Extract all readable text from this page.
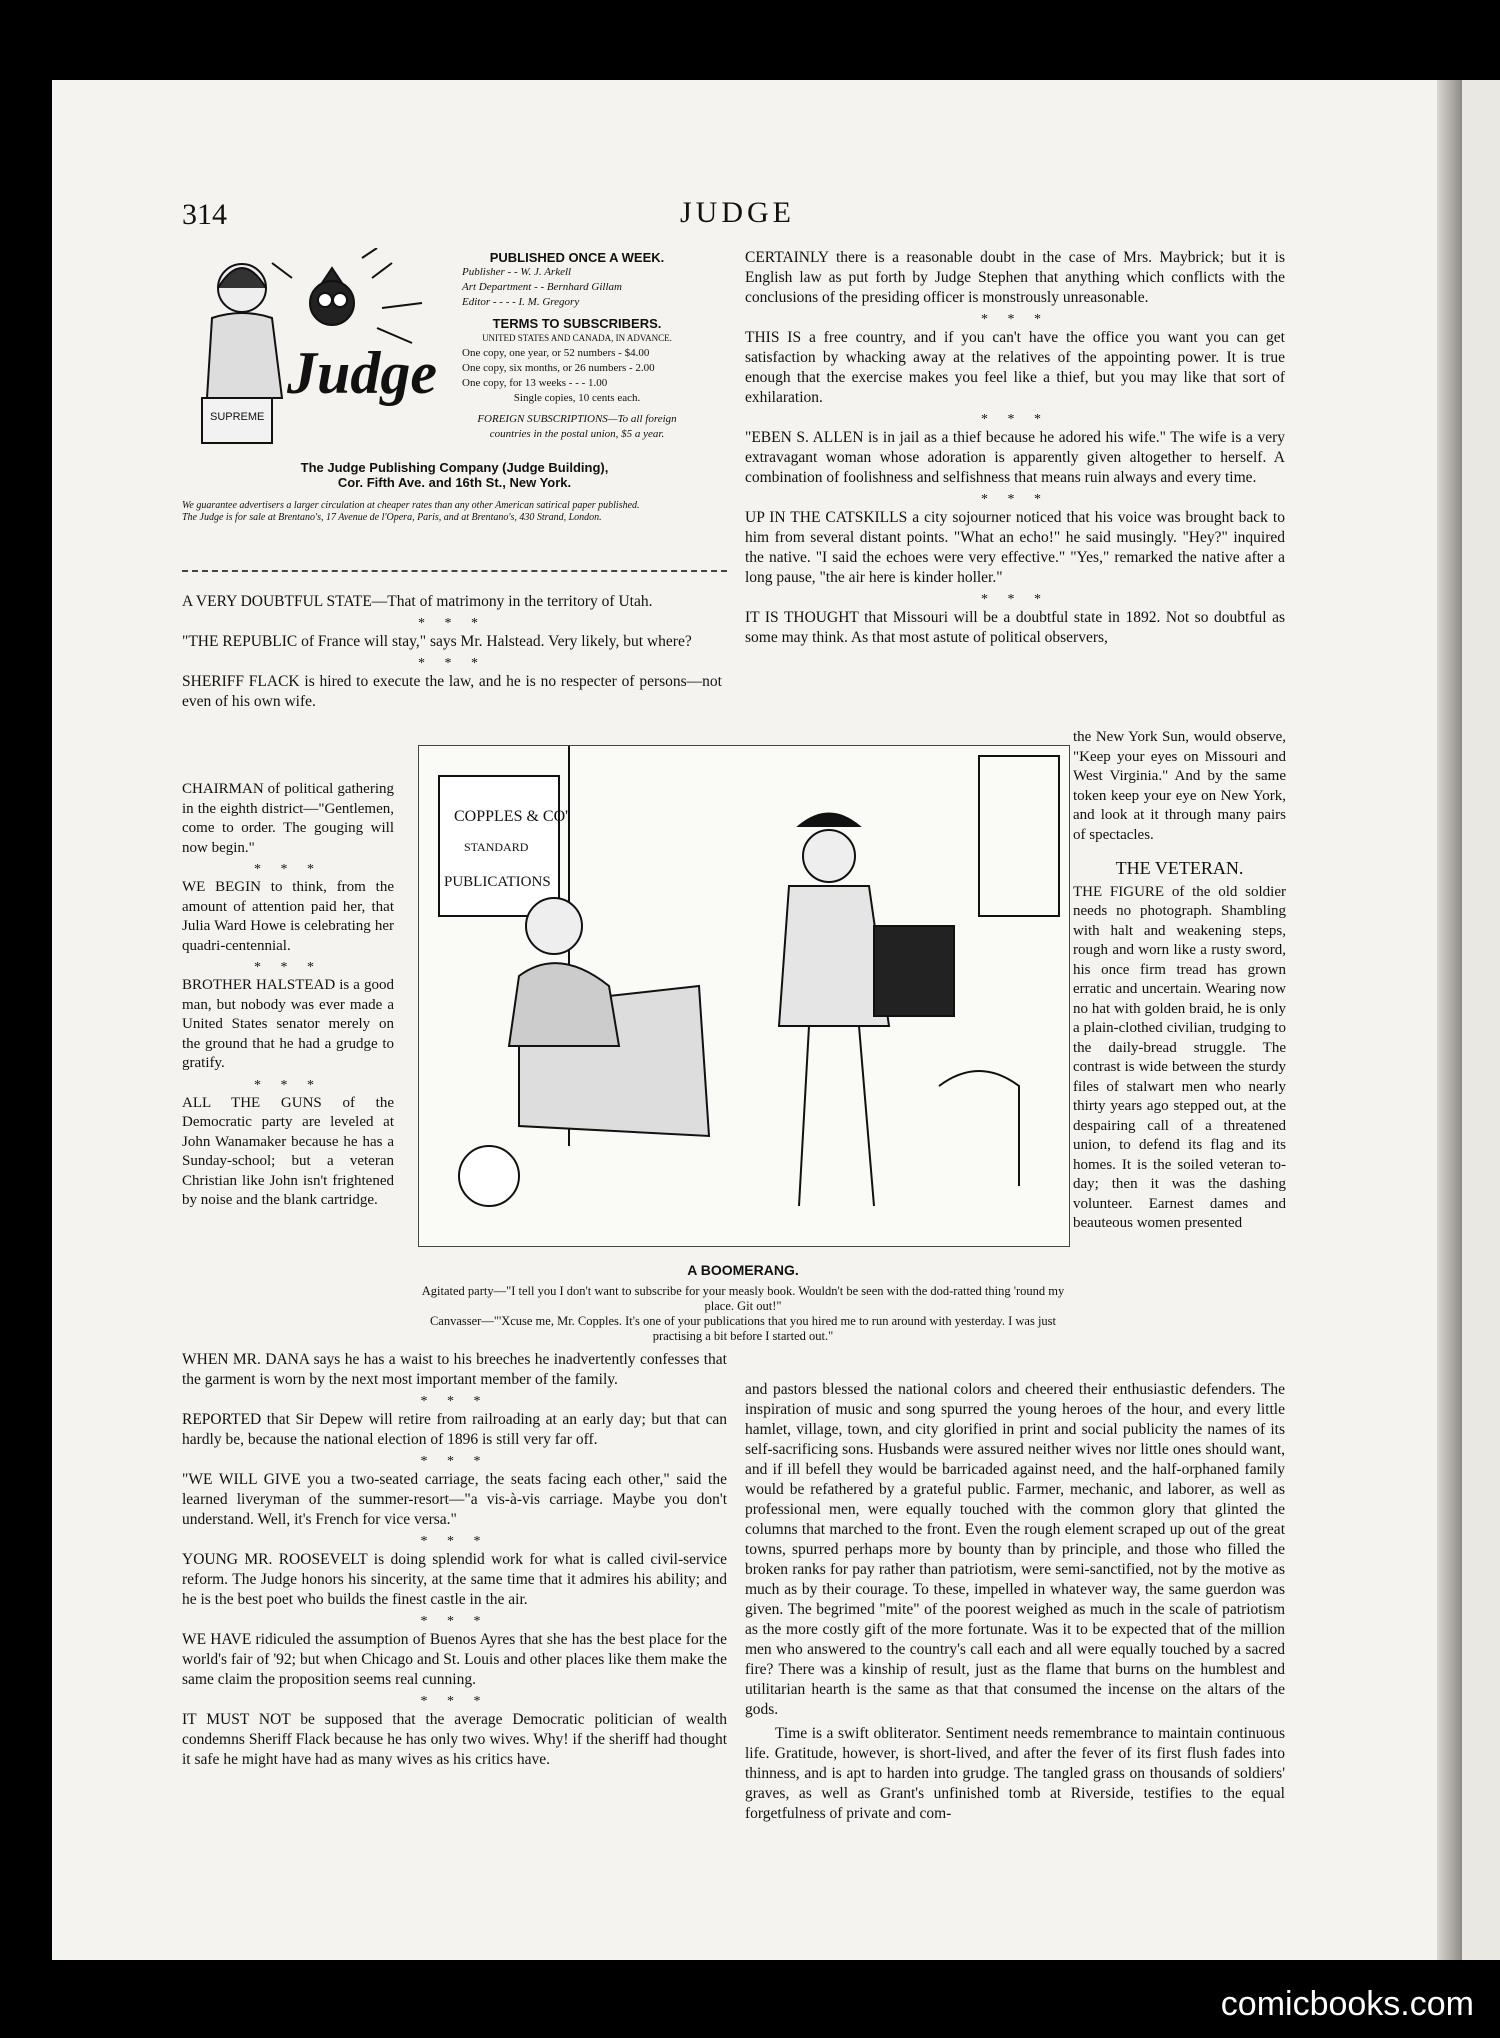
314	JUDGE
Judge
SUPREME
PUBLISHED ONCE A WEEK.
Publisher - - W. J. Arkell
Art Department - - Bernhard Gillam
Editor - - - - I. M. Gregory
TERMS TO SUBSCRIBERS.
UNITED STATES AND CANADA, IN ADVANCE.
One copy, one year, or 52 numbers - $4.00
One copy, six months, or 26 numbers - 2.00
One copy, for 13 weeks - - - 1.00
Single copies, 10 cents each.
FOREIGN SUBSCRIPTIONS—To all foreign countries in the postal union, $5 a year.
The Judge Publishing Company (Judge Building),
Cor. Fifth Ave. and 16th St., New York.
We guarantee advertisers a larger circulation at cheaper rates than any other American satirical paper published.
The Judge is for sale at Brentano's, 17 Avenue de l'Opera, Paris, and at Brentano's, 430 Strand, London.

A VERY DOUBTFUL STATE—That of matrimony in the territory of Utah.

* * *

"THE REPUBLIC of France will stay," says Mr. Halstead. Very likely, but where?

* * *

SHERIFF FLACK is hired to execute the law, and he is no respecter of persons—not even of his own wife.

CHAIRMAN of political gathering in the eighth district—"Gentlemen, come to order. The gouging will now begin."

* * *

WE BEGIN to think, from the amount of attention paid her, that Julia Ward Howe is celebrating her quadri-centennial.

* * *

BROTHER HALSTEAD is a good man, but nobody was ever made a United States senator merely on the ground that he had a grudge to gratify.

* * *

ALL THE GUNS of the Democratic party are leveled at John Wanamaker because he has a Sunday-school; but a veteran Christian like John isn't frightened by noise and the blank cartridge.

COPPLES & CO'
STANDARD
PUBLICATIONS
A BOOMERANG.
Agitated party—"I tell you I don't want to subscribe for your measly book. Wouldn't be seen with the dod-ratted thing 'round my place. Git out!"
Canvasser—"'Xcuse me, Mr. Copples. It's one of your publications that you hired me to run around with yesterday. I was just practising a bit before I started out."

WHEN MR. DANA says he has a waist to his breeches he inadvertently confesses that the garment is worn by the next most important member of the family.

* * *

REPORTED that Sir Depew will retire from railroading at an early day; but that can hardly be, because the national election of 1896 is still very far off.

* * *

"WE WILL GIVE you a two-seated carriage, the seats facing each other," said the learned liveryman of the summer-resort—"a vis-à-vis carriage. Maybe you don't understand. Well, it's French for vice versa."

* * *

YOUNG MR. ROOSEVELT is doing splendid work for what is called civil-service reform. The Judge honors his sincerity, at the same time that it admires his ability; and he is the best poet who builds the finest castle in the air.

* * *

WE HAVE ridiculed the assumption of Buenos Ayres that she has the best place for the world's fair of '92; but when Chicago and St. Louis and other places like them make the same claim the proposition seems real cunning.

* * *

IT MUST NOT be supposed that the average Democratic politician of wealth condemns Sheriff Flack because he has only two wives. Why! if the sheriff had thought it safe he might have had as many wives as his critics have.

CERTAINLY there is a reasonable doubt in the case of Mrs. Maybrick; but it is English law as put forth by Judge Stephen that anything which conflicts with the conclusions of the presiding officer is monstrously unreasonable.

* * *

THIS IS a free country, and if you can't have the office you want you can get satisfaction by whacking away at the relatives of the appointing power. It is true enough that the exercise makes you feel like a thief, but you may like that sort of exhilaration.

* * *

"EBEN S. ALLEN is in jail as a thief because he adored his wife." The wife is a very extravagant woman whose adoration is apparently given altogether to herself. A combination of foolishness and selfishness that means ruin always and every time.

* * *

UP IN THE CATSKILLS a city sojourner noticed that his voice was brought back to him from several distant points. "What an echo!" he said musingly. "Hey?" inquired the native. "I said the echoes were very effective." "Yes," remarked the native after a long pause, "the air here is kinder holler."

* * *

IT IS THOUGHT that Missouri will be a doubtful state in 1892. Not so doubtful as some may think. As that most astute of political observers,

the New York Sun, would observe, "Keep your eyes on Missouri and West Virginia." And by the same token keep your eye on New York, and look at it through many pairs of spectacles.

THE VETERAN.

THE FIGURE of the old soldier needs no photograph. Shambling with halt and weakening steps, rough and worn like a rusty sword, his once firm tread has grown erratic and uncertain. Wearing now no hat with golden braid, he is only a plain-clothed civilian, trudging to the daily-bread struggle. The contrast is wide between the sturdy files of stalwart men who nearly thirty years ago stepped out, at the despairing call of a threatened union, to defend its flag and its homes. It is the soiled veteran to-day; then it was the dashing volunteer. Earnest dames and beauteous women presented

and pastors blessed the national colors and cheered their enthusiastic defenders. The inspiration of music and song spurred the young heroes of the hour, and every little hamlet, village, town, and city glorified in print and social publicity the names of its self-sacrificing sons. Husbands were assured neither wives nor little ones should want, and if ill befell they would be barricaded against need, and the half-orphaned family would be refathered by a grateful public. Farmer, mechanic, and laborer, as well as professional men, were equally touched with the common glory that glinted the columns that marched to the front. Even the rough element scraped up out of the great towns, spurred perhaps more by bounty than by principle, and those who filled the broken ranks for pay rather than patriotism, were semi-sanctified, not by the motive as much as by their courage. To these, impelled in whatever way, the same guerdon was given. The begrimed "mite" of the poorest weighed as much in the scale of patriotism as the more costly gift of the more fortunate. Was it to be expected that of the million men who answered to the country's call each and all were equally touched by a sacred fire? There was a kinship of result, just as the flame that burns on the humblest and utilitarian hearth is the same as that that consumed the incense on the altars of the gods.

Time is a swift obliterator. Sentiment needs remembrance to maintain continuous life. Gratitude, however, is short-lived, and after the fever of its first flush fades into thinness, and is apt to harden into grudge. The tangled grass on thousands of soldiers' graves, as well as Grant's unfinished tomb at Riverside, testifies to the equal forgetfulness of private and com-

comicbooks.com
